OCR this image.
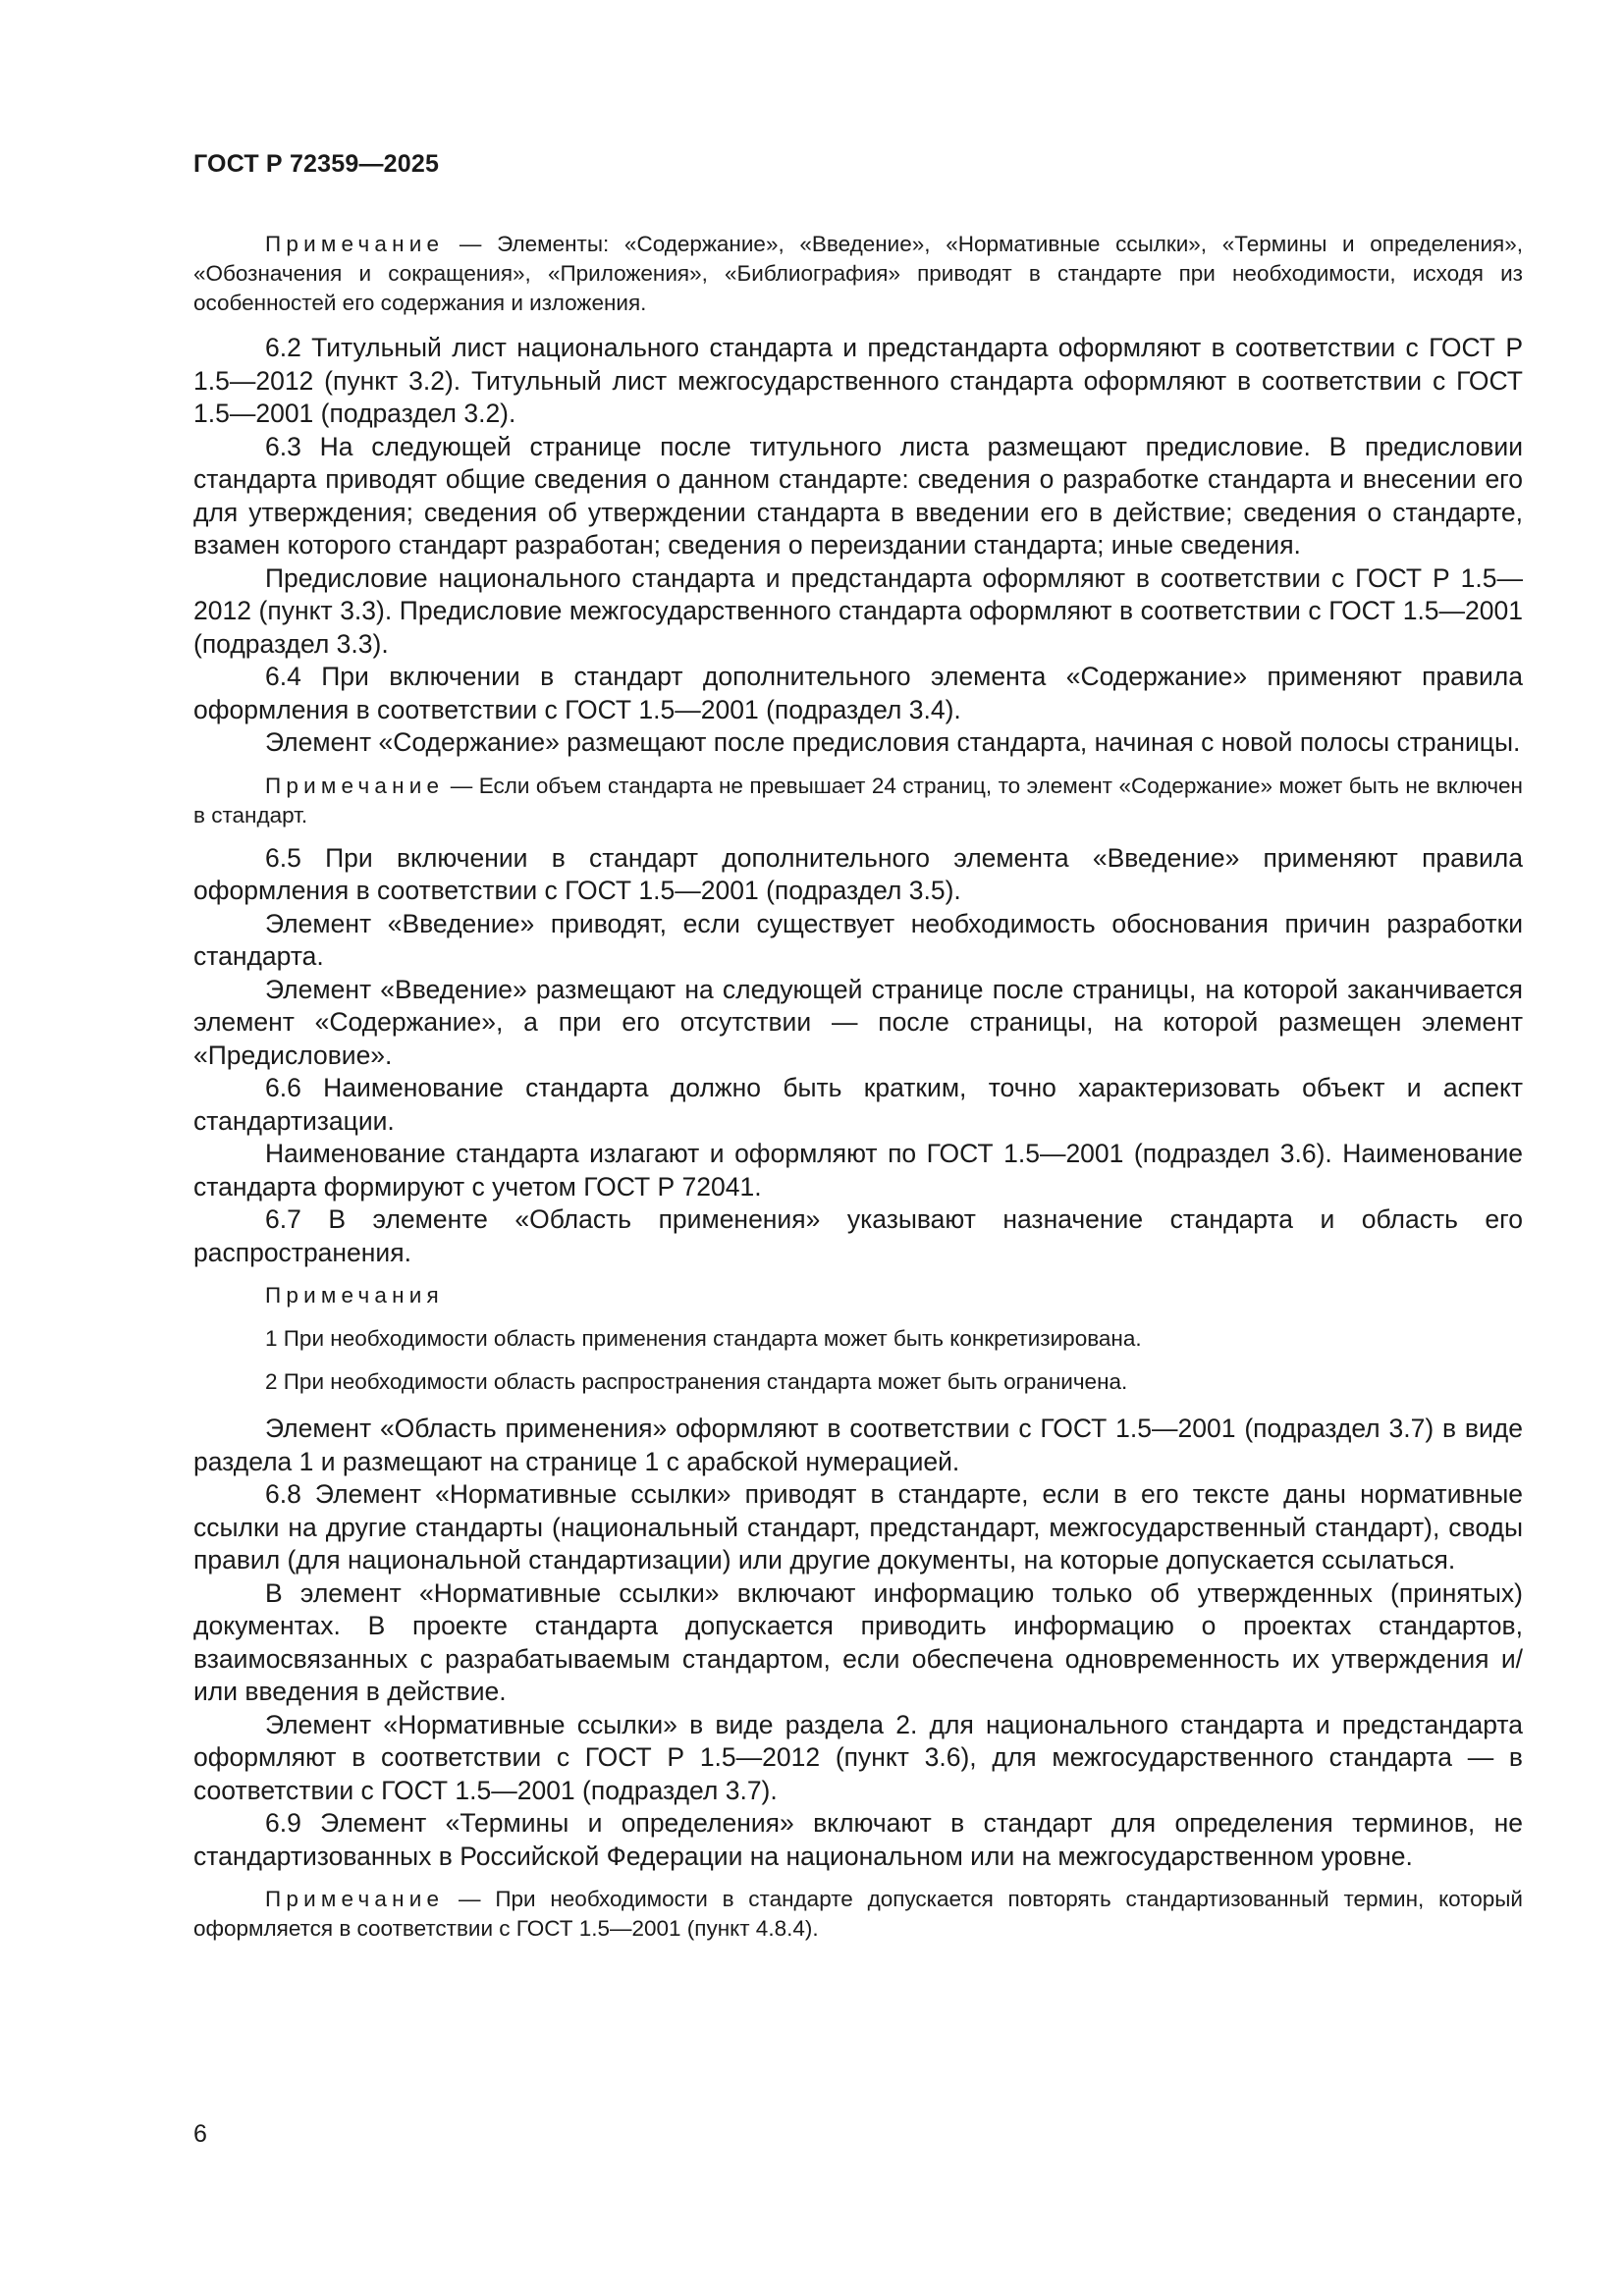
ГОСТ Р 72359—2025

Примечание — Элементы: «Содержание», «Введение», «Нормативные ссылки», «Термины и определения», «Обозначения и сокращения», «Приложения», «Библиография» приводят в стандарте при необходимости, исходя из особенностей его содержания и изложения.

6.2 Титульный лист национального стандарта и предстандарта оформляют в соответствии с ГОСТ Р 1.5—2012 (пункт 3.2). Титульный лист межгосударственного стандарта оформляют в соответствии с ГОСТ 1.5—2001 (подраздел 3.2).

6.3 На следующей странице после титульного листа размещают предисловие. В предисловии стандарта приводят общие сведения о данном стандарте: сведения о разработке стандарта и внесении его для утверждения; сведения об утверждении стандарта в введении его в действие; сведения о стандарте, взамен которого стандарт разработан; сведения о переиздании стандарта; иные сведения.

Предисловие национального стандарта и предстандарта оформляют в соответствии с ГОСТ Р 1.5—2012 (пункт 3.3). Предисловие межгосударственного стандарта оформляют в соответствии с ГОСТ 1.5—2001 (подраздел 3.3).

6.4 При включении в стандарт дополнительного элемента «Содержание» применяют правила оформления в соответствии с ГОСТ 1.5—2001 (подраздел 3.4).

Элемент «Содержание» размещают после предисловия стандарта, начиная с новой полосы страницы.

Примечание — Если объем стандарта не превышает 24 страниц, то элемент «Содержание» может быть не включен в стандарт.

6.5 При включении в стандарт дополнительного элемента «Введение» применяют правила оформления в соответствии с ГОСТ 1.5—2001 (подраздел 3.5).

Элемент «Введение» приводят, если существует необходимость обоснования причин разработки стандарта.

Элемент «Введение» размещают на следующей странице после страницы, на которой заканчивается элемент «Содержание», а при его отсутствии — после страницы, на которой размещен элемент «Предисловие».

6.6 Наименование стандарта должно быть кратким, точно характеризовать объект и аспект стандартизации.

Наименование стандарта излагают и оформляют по ГОСТ 1.5—2001 (подраздел 3.6). Наименование стандарта формируют с учетом ГОСТ Р 72041.

6.7 В элементе «Область применения» указывают назначение стандарта и область его распространения.

Примечания

1 При необходимости область применения стандарта может быть конкретизирована.

2 При необходимости область распространения стандарта может быть ограничена.

Элемент «Область применения» оформляют в соответствии с ГОСТ 1.5—2001 (подраздел 3.7) в виде раздела 1 и размещают на странице 1 с арабской нумерацией.

6.8 Элемент «Нормативные ссылки» приводят в стандарте, если в его тексте даны нормативные ссылки на другие стандарты (национальный стандарт, предстандарт, межгосударственный стандарт), своды правил (для национальной стандартизации) или другие документы, на которые допускается ссылаться.

В элемент «Нормативные ссылки» включают информацию только об утвержденных (принятых) документах. В проекте стандарта допускается приводить информацию о проектах стандартов, взаимосвязанных с разрабатываемым стандартом, если обеспечена одновременность их утверждения и/или введения в действие.

Элемент «Нормативные ссылки» в виде раздела 2. для национального стандарта и предстандарта оформляют в соответствии с ГОСТ Р 1.5—2012 (пункт 3.6), для межгосударственного стандарта — в соответствии с ГОСТ 1.5—2001 (подраздел 3.7).

6.9 Элемент «Термины и определения» включают в стандарт для определения терминов, не стандартизованных в Российской Федерации на национальном или на межгосударственном уровне.

Примечание — При необходимости в стандарте допускается повторять стандартизованный термин, который оформляется в соответствии с ГОСТ 1.5—2001 (пункт 4.8.4).

6
